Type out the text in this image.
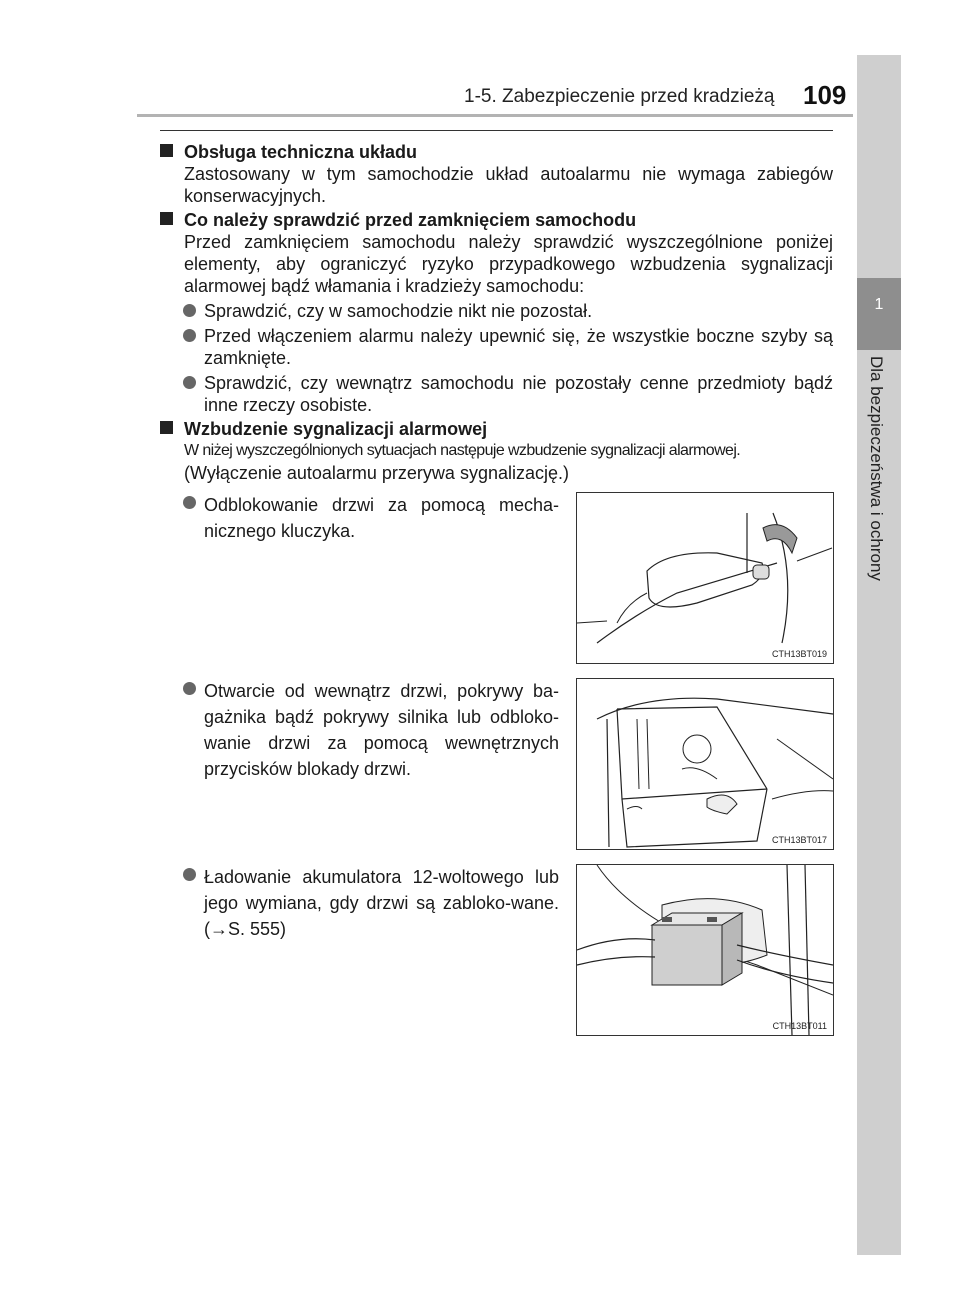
1-5. Zabezpieczenie przed kradzieżą 109
1
Dla bezpieczeństwa i ochrony
Obsługa techniczna układu
Zastosowany w tym samochodzie układ autoalarmu nie wymaga zabiegów konserwacyjnych.
Co należy sprawdzić przed zamknięciem samochodu
Przed zamknięciem samochodu należy sprawdzić wyszczególnione poniżej elementy, aby ograniczyć ryzyko przypadkowego wzbudzenia sygnalizacji alarmowej bądź włamania i kradzieży samochodu:
Sprawdzić, czy w samochodzie nikt nie pozostał.
Przed włączeniem alarmu należy upewnić się, że wszystkie boczne szyby są zamknięte.
Sprawdzić, czy wewnątrz samochodu nie pozostały cenne przedmioty bądź inne rzeczy osobiste.
Wzbudzenie sygnalizacji alarmowej
W niżej wyszczególnionych sytuacjach następuje wzbudzenie sygnalizacji alarmowej.
(Wyłączenie autoalarmu przerywa sygnalizację.)
Odblokowanie drzwi za pomocą mecha-nicznego kluczyka.
CTH13BT019
Otwarcie od wewnątrz drzwi, pokrywy ba-gażnika bądź pokrywy silnika lub odbloko-wanie drzwi za pomocą wewnętrznych przycisków blokady drzwi.
CTH13BT017
Ładowanie akumulatora 12-woltowego lub jego wymiana, gdy drzwi są zabloko-wane. (→S. 555)
CTH13BT011
